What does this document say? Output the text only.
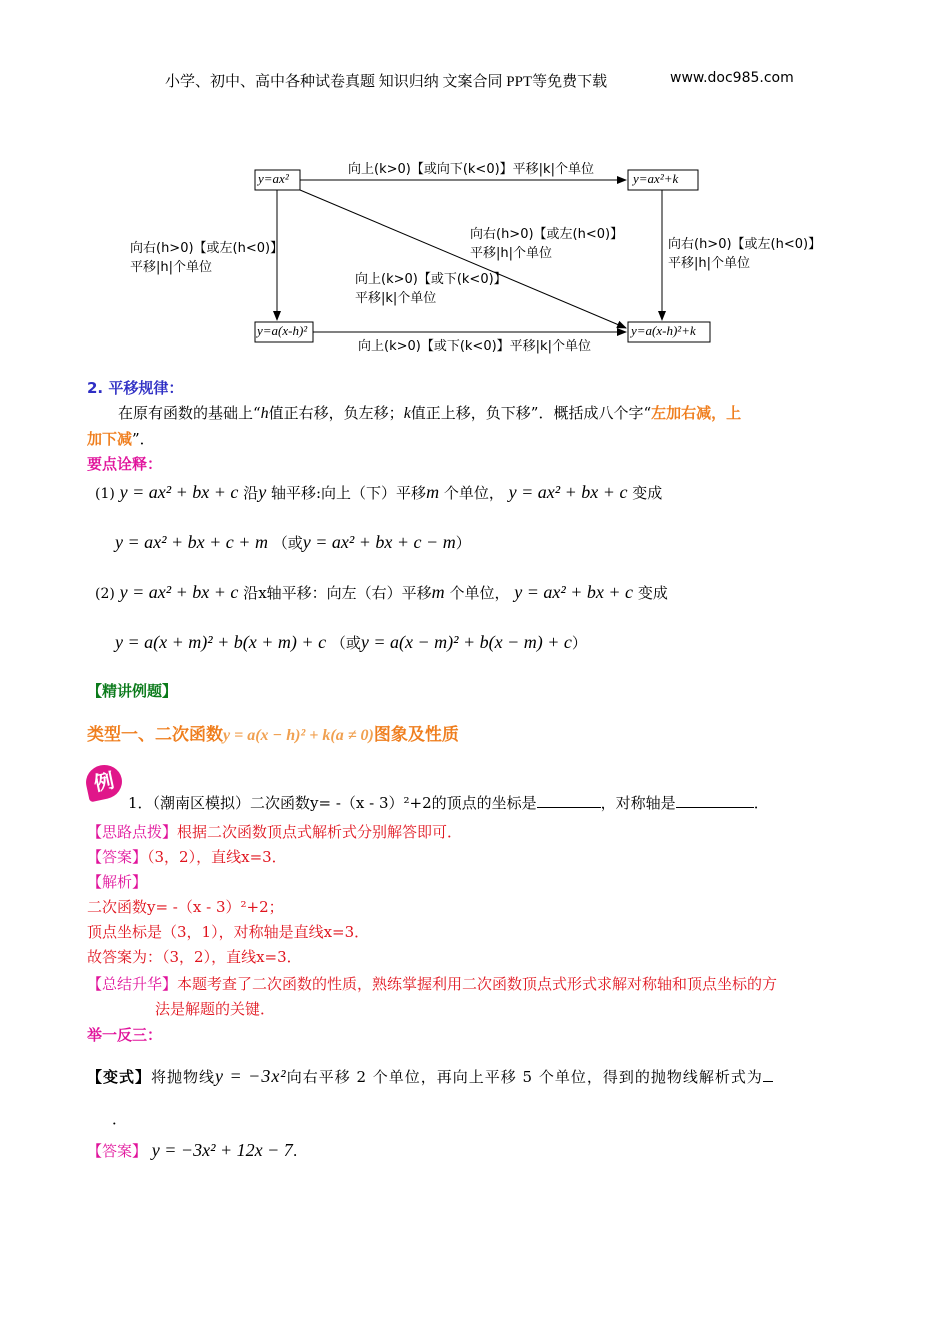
小学、初中、高中各种试卷真题 知识归纳 文案合同 PPT等免费下载	www.doc985.com
y=ax²	y=ax²+k
y=a(x-h)²	y=a(x-h)²+k
向上(k>0)【或向下(k<0)】平移|k|个单位
向上(k>0)【或下(k<0)】平移|k|个单位
向右(h>0)【或左(h<0)】
平移|h|个单位
向右(h>0)【或左(h<0)】
平移|h|个单位
向右(h>0)【或左(h<0)】
平移|h|个单位
向上(k>0)【或下(k<0)】
平移|k|个单位
2. 平移规律：
在原有函数的基础上“h值正右移，负左移；k值正上移，负下移”．概括成八个字“左加右减，上
加下减”．
要点诠释：
(1) y = ax² + bx + c 沿y 轴平移:向上（下）平移m 个单位， y = ax² + bx + c 变成
y = ax² + bx + c + m （或y = ax² + bx + c − m）
(2) y = ax² + bx + c 沿x轴平移：向左（右）平移m 个单位， y = ax² + bx + c 变成
y = a(x + m)² + b(x + m) + c （或y = a(x − m)² + b(x − m) + c）
【精讲例题】
类型一、二次函数y = a(x − h)² + k(a ≠ 0)图象及性质
例
1．（潮南区模拟）二次函数y= -（x - 3）²+2的顶点的坐标是	，对称轴是	．
【思路点拨】根据二次函数顶点式解析式分别解答即可．
【答案】（3，2），直线x=3．
【解析】
二次函数y= -（x - 3）²+2；
顶点坐标是（3，1），对称轴是直线x=3．
故答案为：（3，2），直线x=3．
【总结升华】本题考查了二次函数的性质，熟练掌握利用二次函数顶点式形式求解对称轴和顶点坐标的方
法是解题的关键．
举一反三：
【变式】将抛物线y = −3x²向右平移 2 个单位，再向上平移 5 个单位，得到的抛物线解析式为
．
【答案】 y = −3x² + 12x − 7.
